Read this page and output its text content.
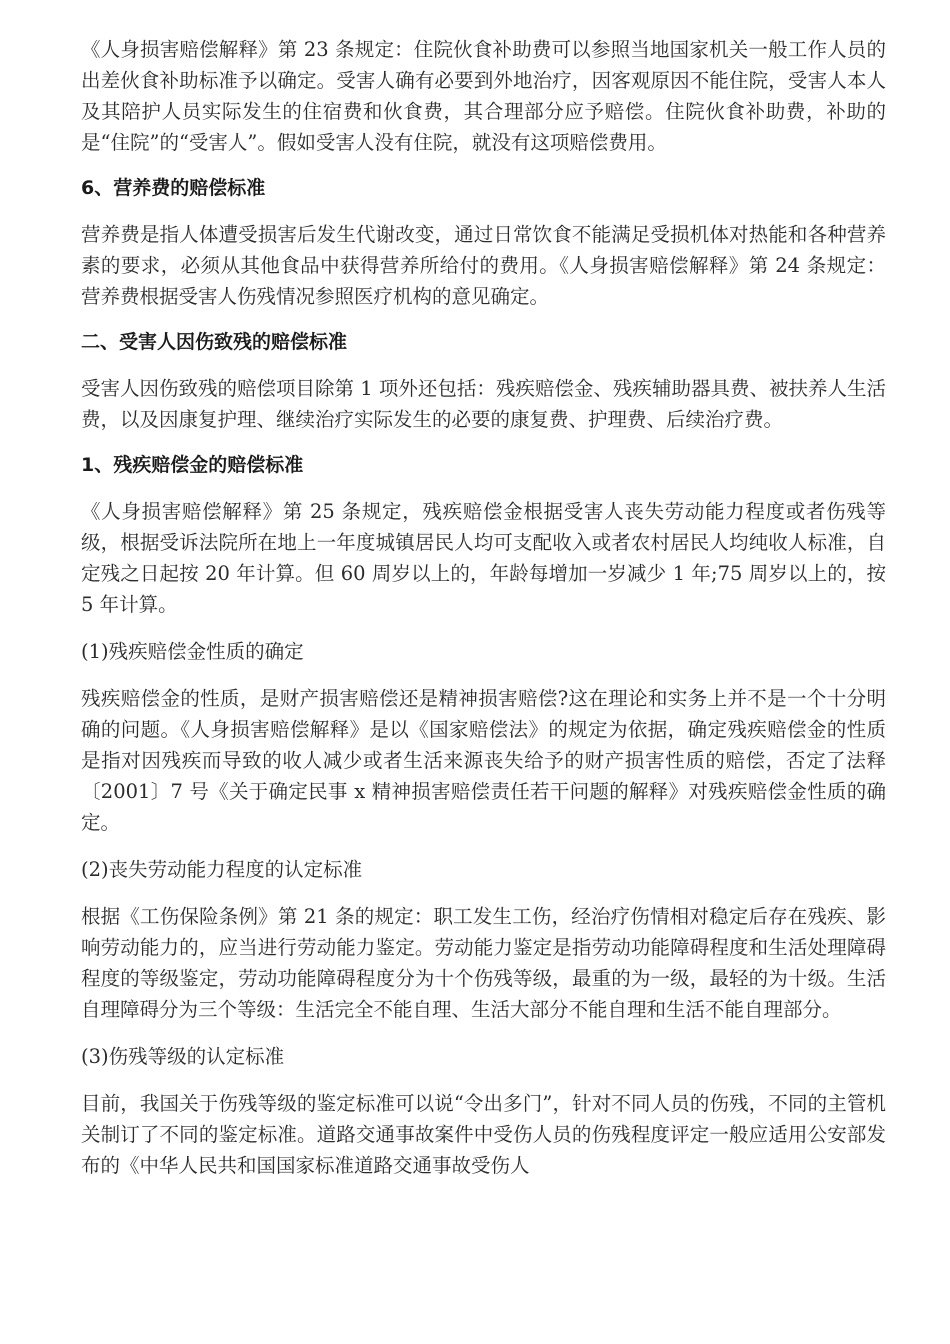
《人身损害赔偿解释》第 23 条规定：住院伙食补助费可以参照当地国家机关一般工作人员的出差伙食补助标准予以确定。受害人确有必要到外地治疗，因客观原因不能住院，受害人本人及其陪护人员实际发生的住宿费和伙食费，其合理部分应予赔偿。住院伙食补助费，补助的是“住院”的“受害人”。假如受害人没有住院，就没有这项赔偿费用。

6、营养费的赔偿标准

营养费是指人体遭受损害后发生代谢改变，通过日常饮食不能满足受损机体对热能和各种营养素的要求，必须从其他食品中获得营养所给付的费用。《人身损害赔偿解释》第 24 条规定：营养费根据受害人伤残情况参照医疗机构的意见确定。

二、受害人因伤致残的赔偿标准

受害人因伤致残的赔偿项目除第 1 项外还包括：残疾赔偿金、残疾辅助器具费、被扶养人生活费，以及因康复护理、继续治疗实际发生的必要的康复费、护理费、后续治疗费。

1、残疾赔偿金的赔偿标准

《人身损害赔偿解释》第 25 条规定，残疾赔偿金根据受害人丧失劳动能力程度或者伤残等级，根据受诉法院所在地上一年度城镇居民人均可支配收入或者农村居民人均纯收人标准，自定残之日起按 20 年计算。但 60 周岁以上的，年龄每增加一岁减少 1 年;75 周岁以上的，按 5 年计算。

(1)残疾赔偿金性质的确定

残疾赔偿金的性质，是财产损害赔偿还是精神损害赔偿?这在理论和实务上并不是一个十分明确的问题。《人身损害赔偿解释》是以《国家赔偿法》的规定为依据，确定残疾赔偿金的性质是指对因残疾而导致的收人减少或者生活来源丧失给予的财产损害性质的赔偿，否定了法释〔2001〕7 号《关于确定民事 x 精神损害赔偿责任若干问题的解释》对残疾赔偿金性质的确定。

(2)丧失劳动能力程度的认定标准

根据《工伤保险条例》第 21 条的规定：职工发生工伤，经治疗伤情相对稳定后存在残疾、影响劳动能力的，应当进行劳动能力鉴定。劳动能力鉴定是指劳动功能障碍程度和生活处理障碍程度的等级鉴定，劳动功能障碍程度分为十个伤残等级，最重的为一级，最轻的为十级。生活自理障碍分为三个等级：生活完全不能自理、生活大部分不能自理和生活不能自理部分。

(3)伤残等级的认定标准

目前，我国关于伤残等级的鉴定标准可以说“令出多门”，针对不同人员的伤残，不同的主管机关制订了不同的鉴定标准。道路交通事故案件中受伤人员的伤残程度评定一般应适用公安部发布的《中华人民共和国国家标准道路交通事故受伤人
